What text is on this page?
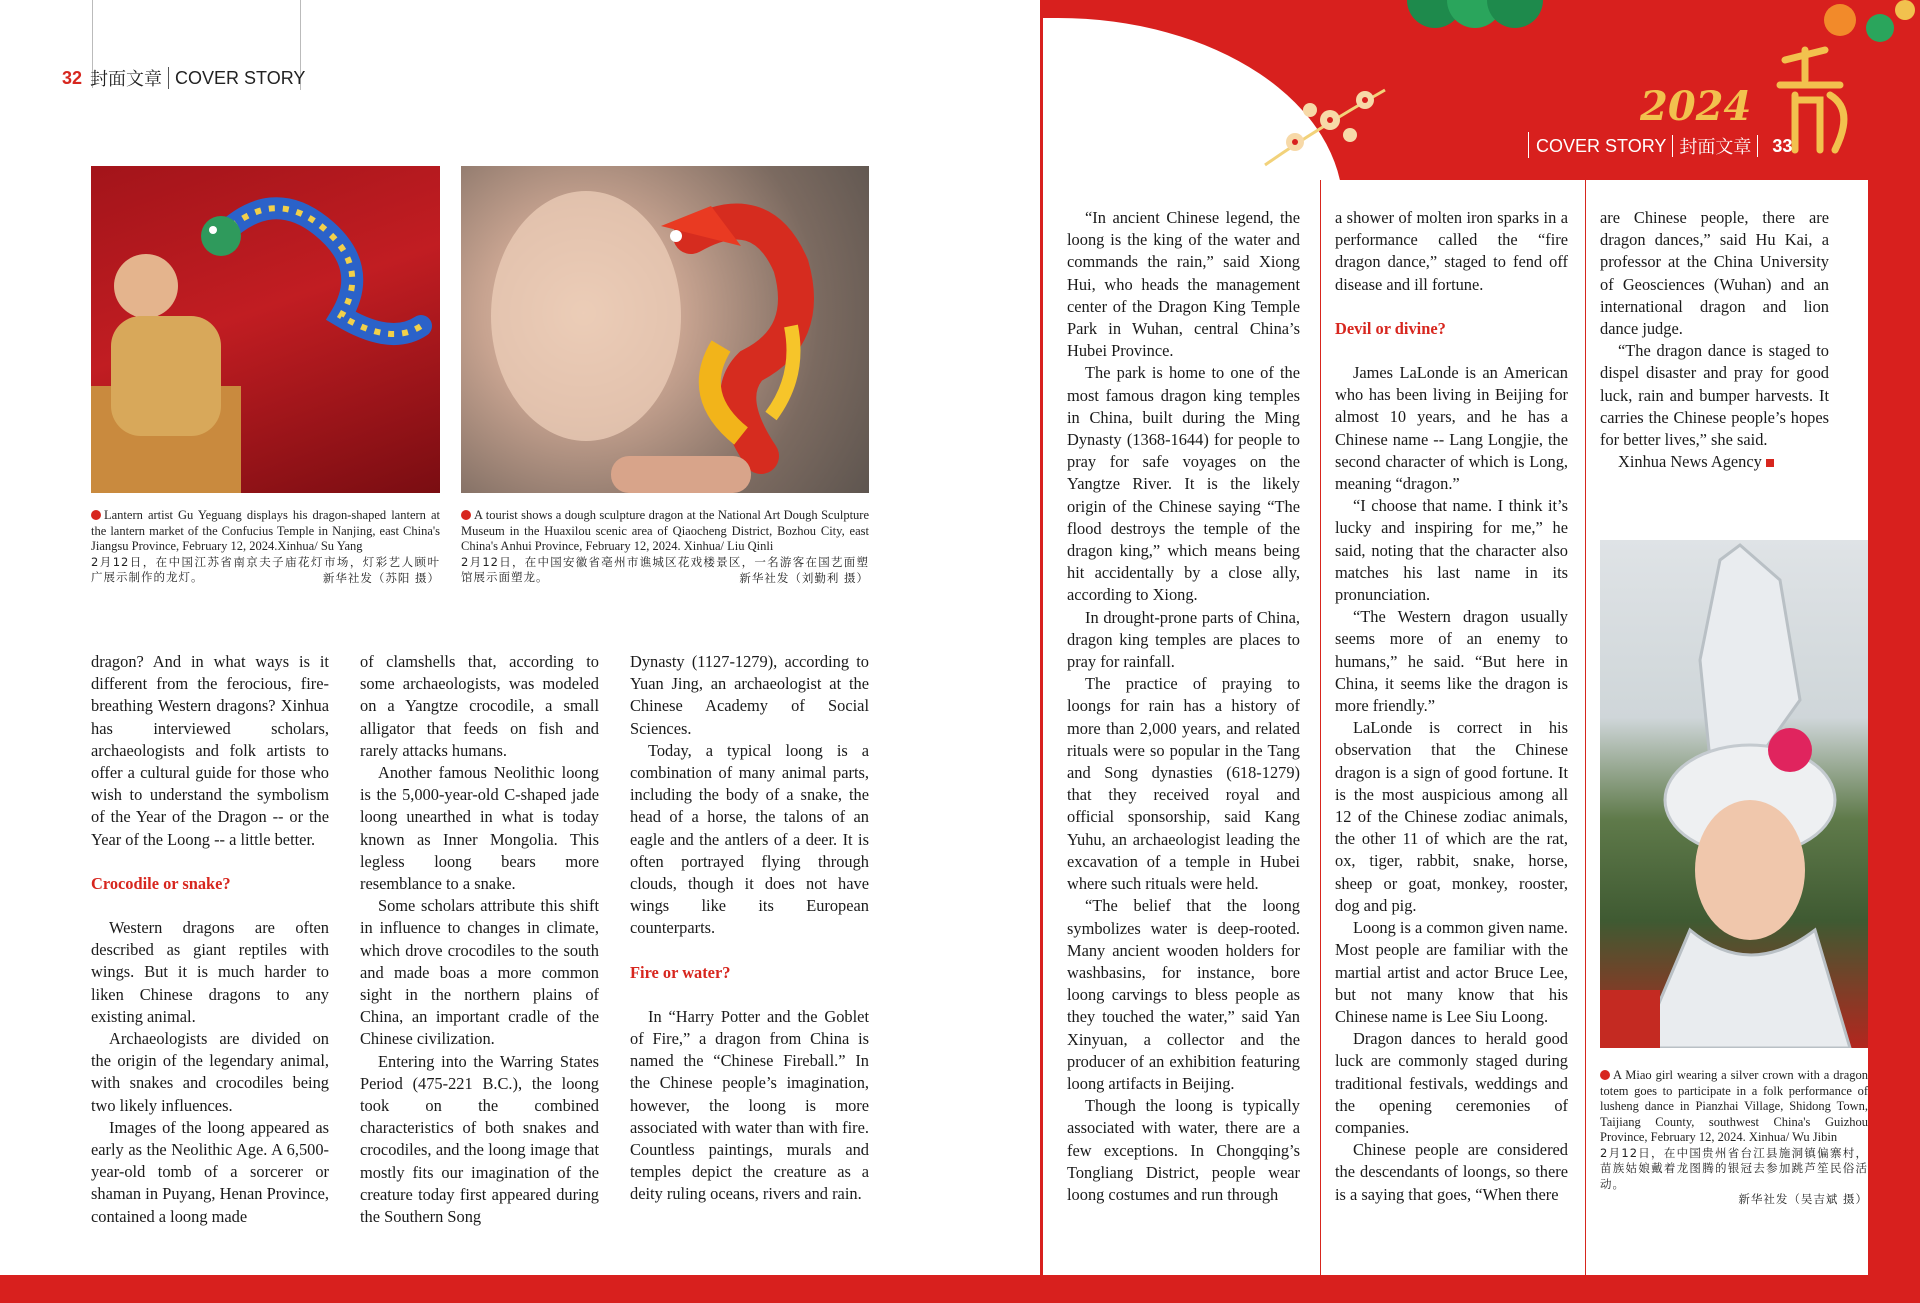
2024
32 封面文章 COVER STORY
COVER STORY 封面文章 33
Lantern artist Gu Yeguang displays his dragon-shaped lantern at the lantern market of the Confucius Temple in Nanjing, east China's Jiangsu Province, February 12, 2024.Xinhua/ Su Yang
2月12日，在中国江苏省南京夫子庙花灯市场，灯彩艺人顾叶广展示制作的龙灯。	新华社发（苏阳 摄）
A tourist shows a dough sculpture dragon at the National Art Dough Sculpture Museum in the Huaxilou scenic area of Qiaocheng District, Bozhou City, east China's Anhui Province, February 12, 2024. Xinhua/ Liu Qinli
2月12日，在中国安徽省亳州市谯城区花戏楼景区，一名游客在国艺面塑馆展示面塑龙。	新华社发（刘勤利 摄）

dragon? And in what ways is it different from the ferocious, fire-breathing Western dragons? Xinhua has interviewed scholars, archaeologists and folk artists to offer a cultural guide for those who wish to understand the symbolism of the Year of the Dragon -- or the Year of the Loong -- a little better.

Crocodile or snake?

Western dragons are often described as giant reptiles with wings. But it is much harder to liken Chinese dragons to any existing animal.

Archaeologists are divided on the origin of the legendary animal, with snakes and crocodiles being two likely influences.

Images of the loong appeared as early as the Neolithic Age. A 6,500-year-old tomb of a sorcerer or shaman in Puyang, Henan Province, contained a loong made

of clamshells that, according to some archaeologists, was modeled on a Yangtze crocodile, a small alligator that feeds on fish and rarely attacks humans.

Another famous Neolithic loong is the 5,000-year-old C-shaped jade loong unearthed in what is today known as Inner Mongolia. This legless loong bears more resemblance to a snake.

Some scholars attribute this shift in influence to changes in climate, which drove crocodiles to the south and made boas a more common sight in the northern plains of China, an important cradle of the Chinese civilization.

Entering into the Warring States Period (475-221 B.C.), the loong took on the combined characteristics of both snakes and crocodiles, and the loong image that mostly fits our imagination of the creature today first appeared during the Southern Song

Dynasty (1127-1279), according to Yuan Jing, an archaeologist at the Chinese Academy of Social Sciences.

Today, a typical loong is a combination of many animal parts, including the body of a snake, the head of a horse, the talons of an eagle and the antlers of a deer. It is often portrayed flying through clouds, though it does not have wings like its European counterparts.

Fire or water?

In “Harry Potter and the Goblet of Fire,” a dragon from China is named the “Chinese Fireball.” In the Chinese people’s imagination, however, the loong is more associated with water than with fire. Countless paintings, murals and temples depict the creature as a deity ruling oceans, rivers and rain.

“In ancient Chinese legend, the loong is the king of the water and commands the rain,” said Xiong Hui, who heads the management center of the Dragon King Temple Park in Wuhan, central China’s Hubei Province.

The park is home to one of the most famous dragon king temples in China, built during the Ming Dynasty (1368-1644) for people to pray for safe voyages on the Yangtze River. It is the likely origin of the Chinese saying “The flood destroys the temple of the dragon king,” which means being hit accidentally by a close ally, according to Xiong.

In drought-prone parts of China, dragon king temples are places to pray for rainfall.

The practice of praying to loongs for rain has a history of more than 2,000 years, and related rituals were so popular in the Tang and Song dynasties (618-1279) that they received royal and official sponsorship, said Kang Yuhu, an archaeologist leading the excavation of a temple in Hubei where such rituals were held.

“The belief that the loong symbolizes water is deep-rooted. Many ancient wooden holders for washbasins, for instance, bore loong carvings to bless people as they touched the water,” said Yan Xinyuan, a collector and the producer of an exhibition featuring loong artifacts in Beijing.

Though the loong is typically associated with water, there are a few exceptions. In Chongqing’s Tongliang District, people wear loong costumes and run through

a shower of molten iron sparks in a performance called the “fire dragon dance,” staged to fend off disease and ill fortune.

Devil or divine?

James LaLonde is an American who has been living in Beijing for almost 10 years, and he has a Chinese name -- Lang Longjie, the second character of which is Long, meaning “dragon.”

“I choose that name. I think it’s lucky and inspiring for me,” he said, noting that the character also matches his last name in its pronunciation.

“The Western dragon usually seems more of an enemy to humans,” he said. “But here in China, it seems like the dragon is more friendly.”

LaLonde is correct in his observation that the Chinese dragon is a sign of good fortune. It is the most auspicious among all 12 of the Chinese zodiac animals, the other 11 of which are the rat, ox, tiger, rabbit, snake, horse, sheep or goat, monkey, rooster, dog and pig.

Loong is a common given name. Most people are familiar with the martial artist and actor Bruce Lee, but not many know that his Chinese name is Lee Siu Loong.

Dragon dances to herald good luck are commonly staged during traditional festivals, weddings and the opening ceremonies of companies.

Chinese people are considered the descendants of loongs, so there is a saying that goes, “When there

are Chinese people, there are dragon dances,” said Hu Kai, a professor at the China University of Geosciences (Wuhan) and an international dragon and lion dance judge.

“The dragon dance is staged to dispel disaster and pray for good luck, rain and bumper harvests. It carries the Chinese people’s hopes for better lives,” she said.

Xinhua News Agency

A Miao girl wearing a silver crown with a dragon totem goes to participate in a folk performance of lusheng dance in Pianzhai Village, Shidong Town, Taijiang County, southwest China's Guizhou Province, February 12, 2024. Xinhua/ Wu Jibin
2月12日，在中国贵州省台江县施洞镇偏寨村，苗族姑娘戴着龙图腾的银冠去参加跳芦笙民俗活动。
新华社发（吴吉斌 摄）
